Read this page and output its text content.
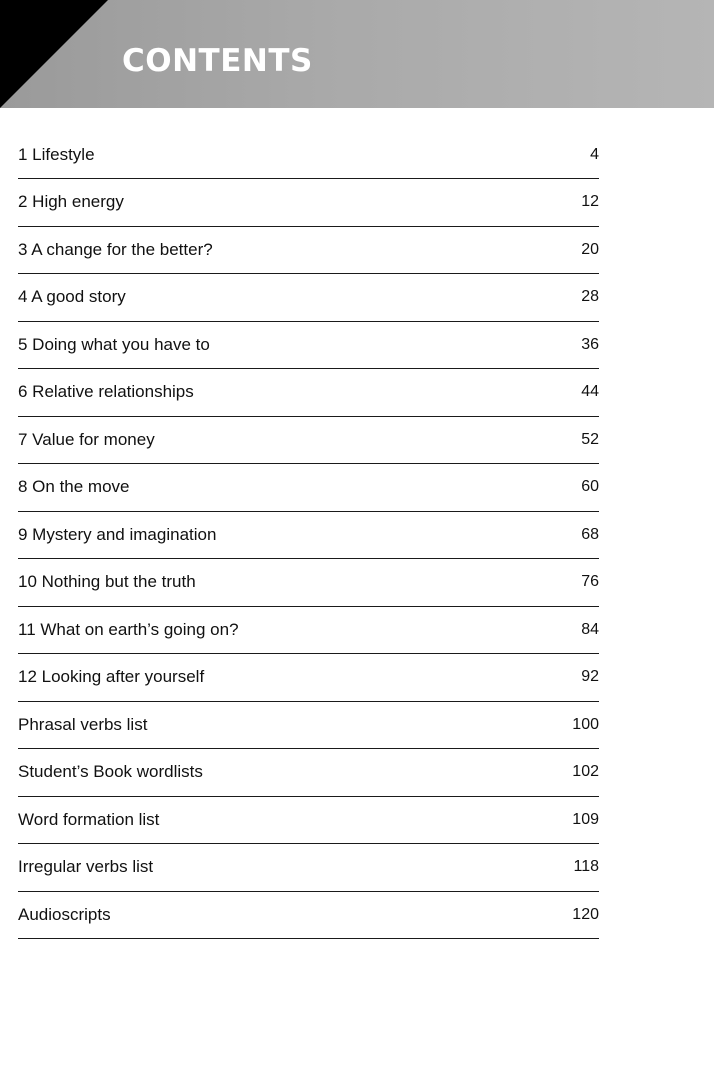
CONTENTS
1 Lifestyle	4
2 High energy	12
3 A change for the better?	20
4 A good story	28
5 Doing what you have to	36
6 Relative relationships	44
7 Value for money	52
8 On the move	60
9 Mystery and imagination	68
10 Nothing but the truth	76
11 What on earth’s going on?	84
12 Looking after yourself	92
Phrasal verbs list	100
Student’s Book wordlists	102
Word formation list	109
Irregular verbs list	118
Audioscripts	120
